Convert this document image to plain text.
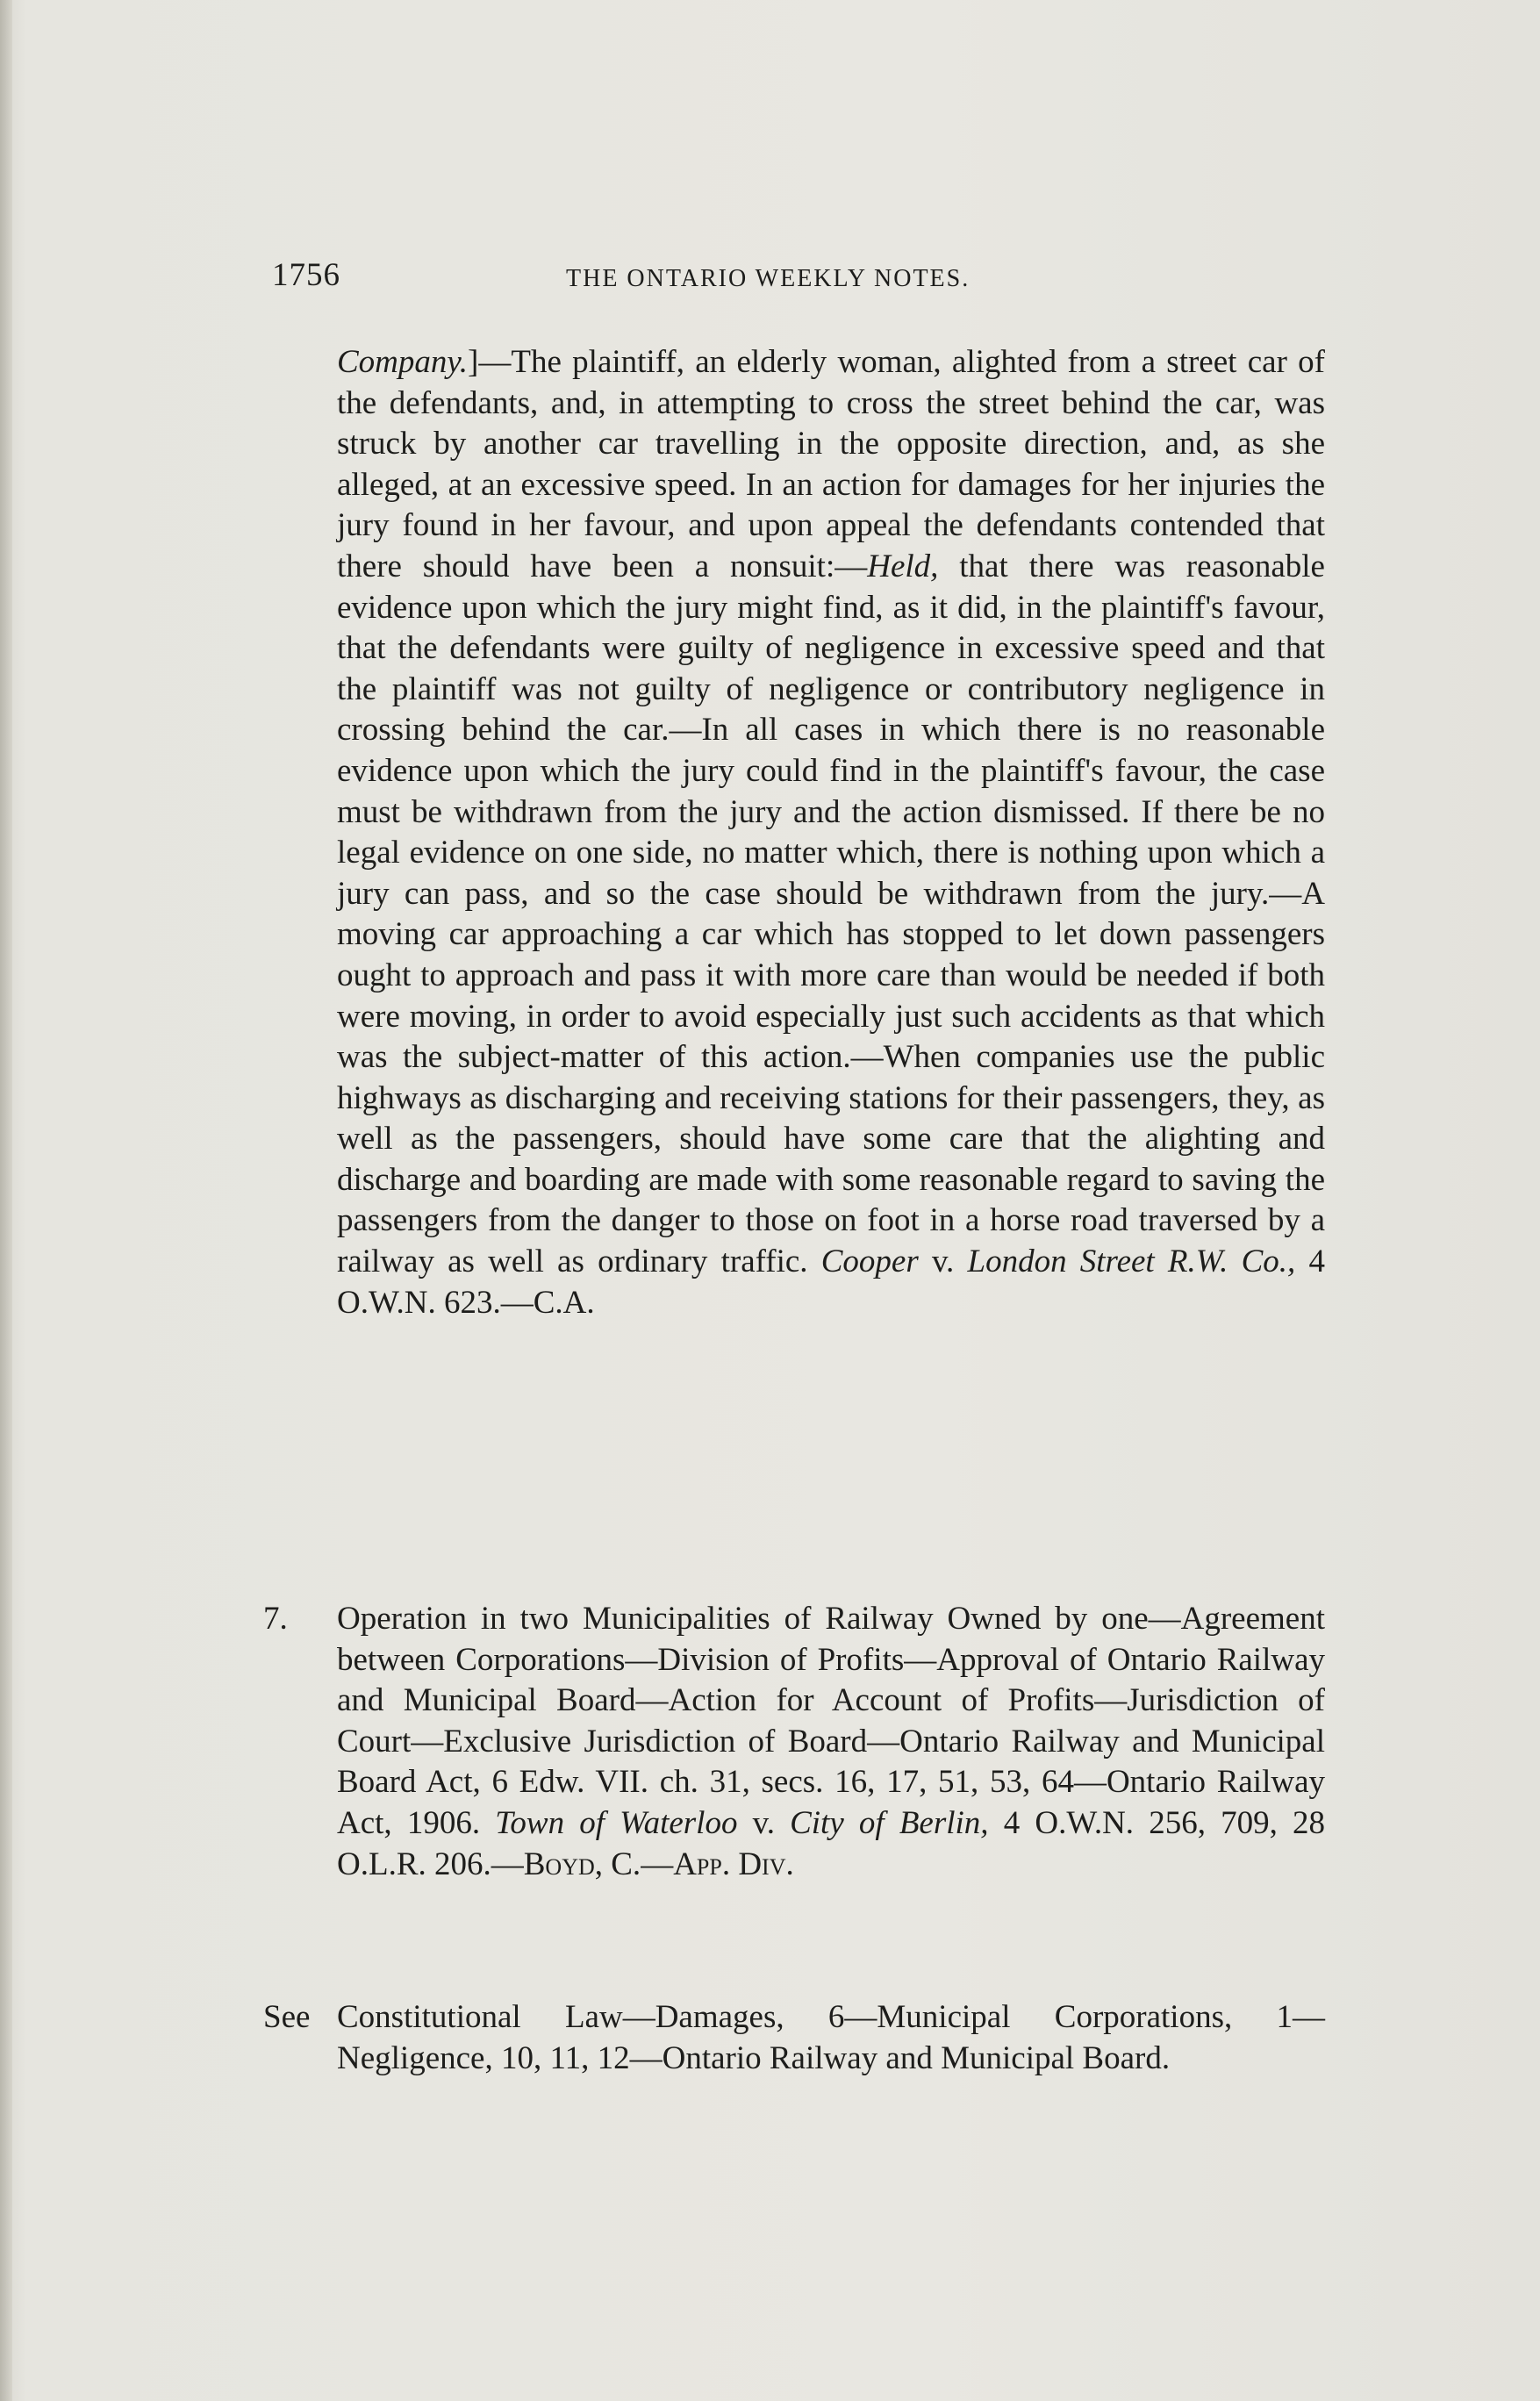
1756	THE ONTARIO WEEKLY NOTES.

Company.]—The plaintiff, an elderly woman, alighted from a street car of the defendants, and, in attempting to cross the street behind the car, was struck by another car travelling in the opposite direction, and, as she alleged, at an excessive speed. In an action for damages for her injuries the jury found in her favour, and upon appeal the defendants contended that there should have been a nonsuit:—Held, that there was reasonable evidence upon which the jury might find, as it did, in the plaintiff's favour, that the defendants were guilty of negligence in excessive speed and that the plaintiff was not guilty of negligence or contributory negligence in crossing behind the car.—In all cases in which there is no reasonable evidence upon which the jury could find in the plaintiff's favour, the case must be withdrawn from the jury and the action dismissed. If there be no legal evidence on one side, no matter which, there is nothing upon which a jury can pass, and so the case should be withdrawn from the jury.—A moving car approaching a car which has stopped to let down passengers ought to approach and pass it with more care than would be needed if both were moving, in order to avoid especially just such accidents as that which was the subject-matter of this action.—When companies use the public highways as discharging and receiving stations for their passengers, they, as well as the passengers, should have some care that the alighting and discharge and boarding are made with some reasonable regard to saving the passengers from the danger to those on foot in a horse road traversed by a railway as well as ordinary traffic. Cooper v. London Street R.W. Co., 4 O.W.N. 623.—C.A.

7. Operation in two Municipalities of Railway Owned by one—Agreement between Corporations—Division of Profits—Approval of Ontario Railway and Municipal Board—Action for Account of Profits—Jurisdiction of Court—Exclusive Jurisdiction of Board—Ontario Railway and Municipal Board Act, 6 Edw. VII. ch. 31, secs. 16, 17, 51, 53, 64—Ontario Railway Act, 1906. Town of Waterloo v. City of Berlin, 4 O.W.N. 256, 709, 28 O.L.R. 206.—Boyd, C.—App. Div.
See Constitutional Law—Damages, 6—Municipal Corporations, 1—Negligence, 10, 11, 12—Ontario Railway and Municipal Board.
